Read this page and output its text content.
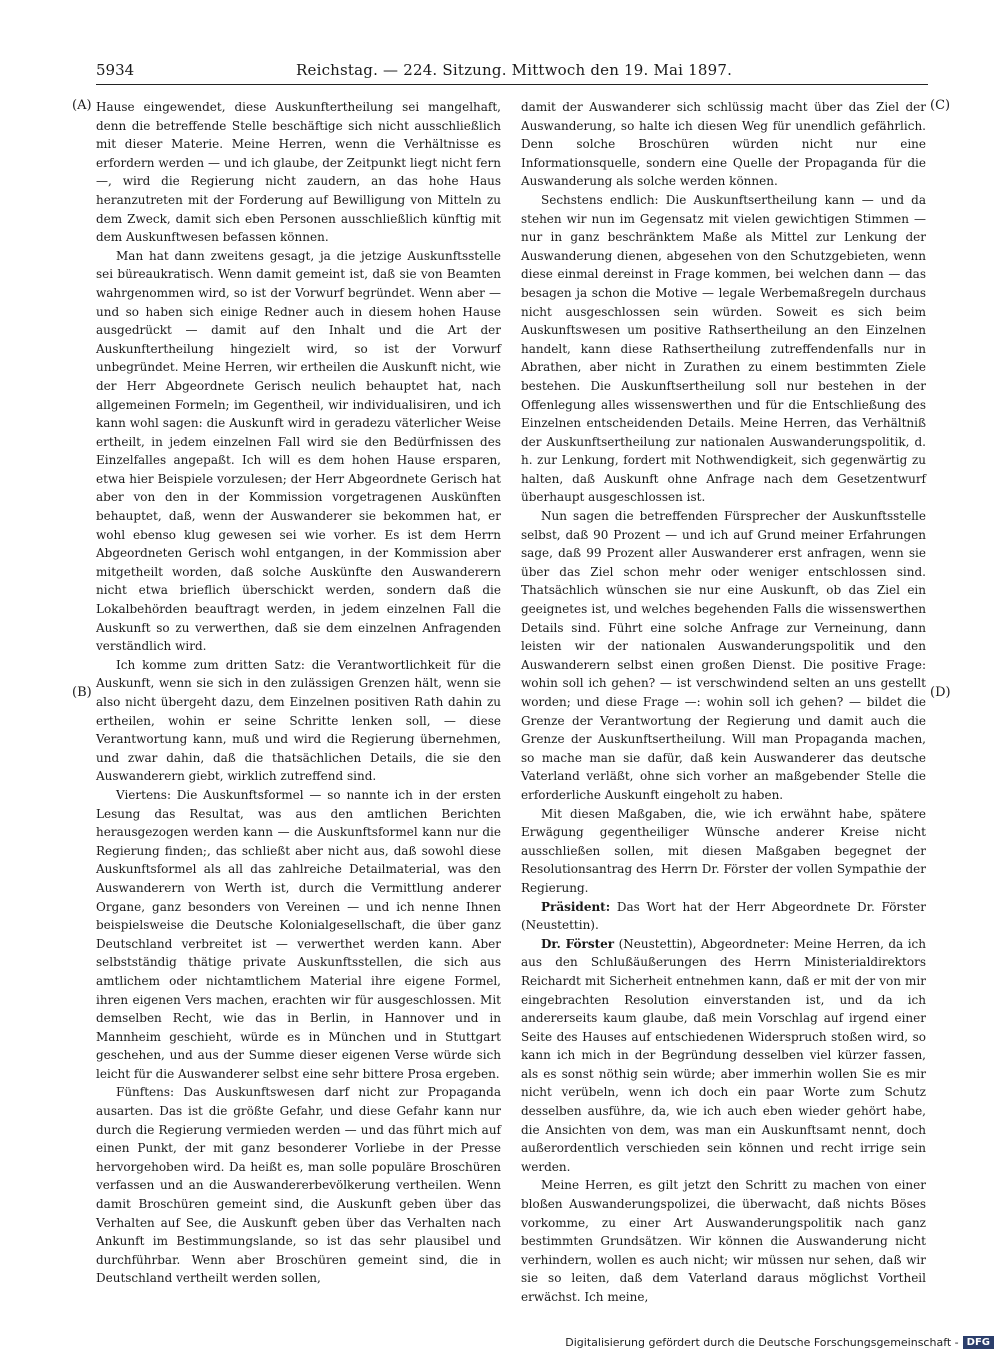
5934	Reichstag. — 224. Sitzung. Mittwoch den 19. Mai 1897.
(A)
(B)
(C)
(D)

Hause eingewendet, diese Auskunftertheilung sei mangelhaft, denn die betreffende Stelle beschäftige sich nicht ausschließlich mit dieser Materie. Meine Herren, wenn die Verhältnisse es erfordern werden — und ich glaube, der Zeitpunkt liegt nicht fern —, wird die Regierung nicht zaudern, an das hohe Haus heranzutreten mit der Forderung auf Bewilligung von Mitteln zu dem Zweck, damit sich eben Personen ausschließlich künftig mit dem Auskunftwesen befassen können.

Man hat dann zweitens gesagt, ja die jetzige Auskunftsstelle sei büreaukratisch. Wenn damit gemeint ist, daß sie von Beamten wahrgenommen wird, so ist der Vorwurf begründet. Wenn aber — und so haben sich einige Redner auch in diesem hohen Hause ausgedrückt — damit auf den Inhalt und die Art der Auskunftertheilung hingezielt wird, so ist der Vorwurf unbegründet. Meine Herren, wir ertheilen die Auskunft nicht, wie der Herr Abgeordnete Gerisch neulich behauptet hat, nach allgemeinen Formeln; im Gegentheil, wir individualisiren, und ich kann wohl sagen: die Auskunft wird in geradezu väterlicher Weise ertheilt, in jedem einzelnen Fall wird sie den Bedürfnissen des Einzelfalles angepaßt. Ich will es dem hohen Hause ersparen, etwa hier Beispiele vorzulesen; der Herr Abgeordnete Gerisch hat aber von den in der Kommission vorgetragenen Auskünften behauptet, daß, wenn der Auswanderer sie bekommen hat, er wohl ebenso klug gewesen sei wie vorher. Es ist dem Herrn Abgeordneten Gerisch wohl entgangen, in der Kommission aber mitgetheilt worden, daß solche Auskünfte den Auswanderern nicht etwa brieflich überschickt werden, sondern daß die Lokalbehörden beauftragt werden, in jedem einzelnen Fall die Auskunft so zu verwerthen, daß sie dem einzelnen Anfragenden verständlich wird.

Ich komme zum dritten Satz: die Verantwortlichkeit für die Auskunft, wenn sie sich in den zulässigen Grenzen hält, wenn sie also nicht übergeht dazu, dem Einzelnen positiven Rath dahin zu ertheilen, wohin er seine Schritte lenken soll, — diese Verantwortung kann, muß und wird die Regierung übernehmen, und zwar dahin, daß die thatsächlichen Details, die sie den Auswanderern giebt, wirklich zutreffend sind.

Viertens: Die Auskunftsformel — so nannte ich in der ersten Lesung das Resultat, was aus den amtlichen Berichten herausgezogen werden kann — die Auskunftsformel kann nur die Regierung finden;, das schließt aber nicht aus, daß sowohl diese Auskunftsformel als all das zahlreiche Detailmaterial, was den Auswanderern von Werth ist, durch die Vermittlung anderer Organe, ganz besonders von Vereinen — und ich nenne Ihnen beispielsweise die Deutsche Kolonialgesellschaft, die über ganz Deutschland verbreitet ist — verwerthet werden kann. Aber selbstständig thätige private Auskunftsstellen, die sich aus amtlichem oder nichtamtlichem Material ihre eigene Formel, ihren eigenen Vers machen, erachten wir für ausgeschlossen. Mit demselben Recht, wie das in Berlin, in Hannover und in Mannheim geschieht, würde es in München und in Stuttgart geschehen, und aus der Summe dieser eigenen Verse würde sich leicht für die Auswanderer selbst eine sehr bittere Prosa ergeben.

Fünftens: Das Auskunftswesen darf nicht zur Propaganda ausarten. Das ist die größte Gefahr, und diese Gefahr kann nur durch die Regierung vermieden werden — und das führt mich auf einen Punkt, der mit ganz besonderer Vorliebe in der Presse hervorgehoben wird. Da heißt es, man solle populäre Broschüren verfassen und an die Auswandererbevölkerung vertheilen. Wenn damit Broschüren gemeint sind, die Auskunft geben über das Verhalten auf See, die Auskunft geben über das Verhalten nach Ankunft im Bestimmungslande, so ist das sehr plausibel und durchführbar. Wenn aber Broschüren gemeint sind, die in Deutschland vertheilt werden sollen,

damit der Auswanderer sich schlüssig macht über das Ziel der Auswanderung, so halte ich diesen Weg für unendlich gefährlich. Denn solche Broschüren würden nicht nur eine Informationsquelle, sondern eine Quelle der Propaganda für die Auswanderung als solche werden können.

Sechstens endlich: Die Auskunftsertheilung kann — und da stehen wir nun im Gegensatz mit vielen gewichtigen Stimmen — nur in ganz beschränktem Maße als Mittel zur Lenkung der Auswanderung dienen, abgesehen von den Schutzgebieten, wenn diese einmal dereinst in Frage kommen, bei welchen dann — das besagen ja schon die Motive — legale Werbemaßregeln durchaus nicht ausgeschlossen sein würden. Soweit es sich beim Auskunftswesen um positive Rathsertheilung an den Einzelnen handelt, kann diese Rathsertheilung zutreffendenfalls nur in Abrathen, aber nicht in Zurathen zu einem bestimmten Ziele bestehen. Die Auskunftsertheilung soll nur bestehen in der Offenlegung alles wissenswerthen und für die Entschließung des Einzelnen entscheidenden Details. Meine Herren, das Verhältniß der Auskunftsertheilung zur nationalen Auswanderungspolitik, d. h. zur Lenkung, fordert mit Nothwendigkeit, sich gegenwärtig zu halten, daß Auskunft ohne Anfrage nach dem Gesetzentwurf überhaupt ausgeschlossen ist.

Nun sagen die betreffenden Fürsprecher der Auskunftsstelle selbst, daß 90 Prozent — und ich auf Grund meiner Erfahrungen sage, daß 99 Prozent aller Auswanderer erst anfragen, wenn sie über das Ziel schon mehr oder weniger entschlossen sind. Thatsächlich wünschen sie nur eine Auskunft, ob das Ziel ein geeignetes ist, und welches begehenden Falls die wissenswerthen Details sind. Führt eine solche Anfrage zur Verneinung, dann leisten wir der nationalen Auswanderungspolitik und den Auswanderern selbst einen großen Dienst. Die positive Frage: wohin soll ich gehen? — ist verschwindend selten an uns gestellt worden; und diese Frage —: wohin soll ich gehen? — bildet die Grenze der Verantwortung der Regierung und damit auch die Grenze der Auskunftsertheilung. Will man Propaganda machen, so mache man sie dafür, daß kein Auswanderer das deutsche Vaterland verläßt, ohne sich vorher an maßgebender Stelle die erforderliche Auskunft eingeholt zu haben.

Mit diesen Maßgaben, die, wie ich erwähnt habe, spätere Erwägung gegentheiliger Wünsche anderer Kreise nicht ausschließen sollen, mit diesen Maßgaben begegnet der Resolutionsantrag des Herrn Dr. Förster der vollen Sympathie der Regierung.

Präsident: Das Wort hat der Herr Abgeordnete Dr. Förster (Neustettin).

Dr. Förster (Neustettin), Abgeordneter: Meine Herren, da ich aus den Schlußäußerungen des Herrn Ministerialdirektors Reichardt mit Sicherheit entnehmen kann, daß er mit der von mir eingebrachten Resolution einverstanden ist, und da ich andererseits kaum glaube, daß mein Vorschlag auf irgend einer Seite des Hauses auf entschiedenen Widerspruch stoßen wird, so kann ich mich in der Begründung desselben viel kürzer fassen, als es sonst nöthig sein würde; aber immerhin wollen Sie es mir nicht verübeln, wenn ich doch ein paar Worte zum Schutz desselben ausführe, da, wie ich auch eben wieder gehört habe, die Ansichten von dem, was man ein Auskunftsamt nennt, doch außerordentlich verschieden sein können und recht irrige sein werden.

Meine Herren, es gilt jetzt den Schritt zu machen von einer bloßen Auswanderungspolizei, die überwacht, daß nichts Böses vorkomme, zu einer Art Auswanderungspolitik nach ganz bestimmten Grundsätzen. Wir können die Auswanderung nicht verhindern, wollen es auch nicht; wir müssen nur sehen, daß wir sie so leiten, daß dem Vaterland daraus möglichst Vortheil erwächst. Ich meine,

Digitalisierung gefördert durch die Deutsche Forschungsgemeinschaft - DFG
